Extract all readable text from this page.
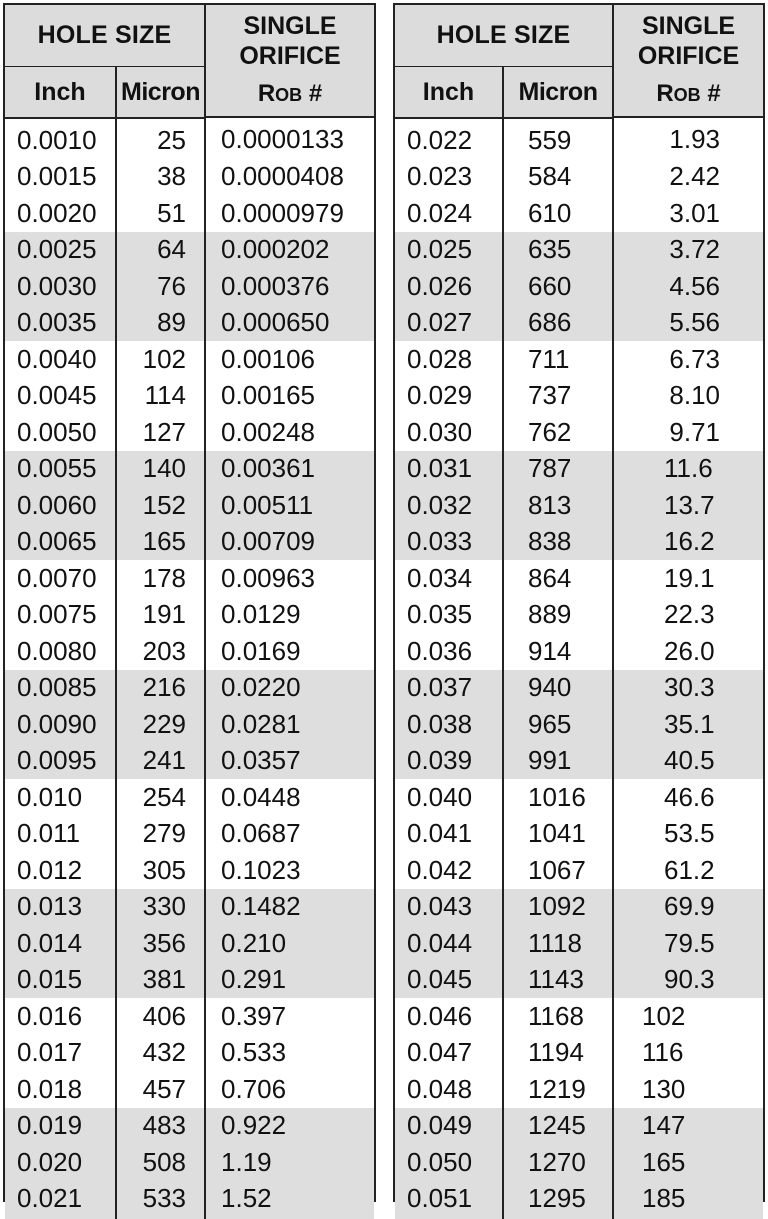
HOLE SIZE		SINGLE
ORIFICE
ROB #

Inch	Micron	
0.0010	25	0.0000133
0.0015	38	0.0000408
0.0020	51	0.0000979
0.0025	64	0.000202
0.0030	76	0.000376
0.0035	89	0.000650
0.0040	102	0.00106
0.0045	114	0.00165
0.0050	127	0.00248
0.0055	140	0.00361
0.0060	152	0.00511
0.0065	165	0.00709
0.0070	178	0.00963
0.0075	191	0.0129
0.0080	203	0.0169
0.0085	216	0.0220
0.0090	229	0.0281
0.0095	241	0.0357
0.010	254	0.0448
0.011	279	0.0687
0.012	305	0.1023
0.013	330	0.1482
0.014	356	0.210
0.015	381	0.291
0.016	406	0.397
0.017	432	0.533
0.018	457	0.706
0.019	483	0.922
0.020	508	1.19
0.021	533	1.52
HOLE SIZE		SINGLE
ORIFICE
ROB #

Inch	Micron	
0.022	559	1.93
0.023	584	2.42
0.024	610	3.01
0.025	635	3.72
0.026	660	4.56
0.027	686	5.56
0.028	711	6.73
0.029	737	8.10
0.030	762	9.71
0.031	787	11.6
0.032	813	13.7
0.033	838	16.2
0.034	864	19.1
0.035	889	22.3
0.036	914	26.0
0.037	940	30.3
0.038	965	35.1
0.039	991	40.5
0.040	1016	46.6
0.041	1041	53.5
0.042	1067	61.2
0.043	1092	69.9
0.044	1118	79.5
0.045	1143	90.3
0.046	1168	102
0.047	1194	116
0.048	1219	130
0.049	1245	147
0.050	1270	165
0.051	1295	185
